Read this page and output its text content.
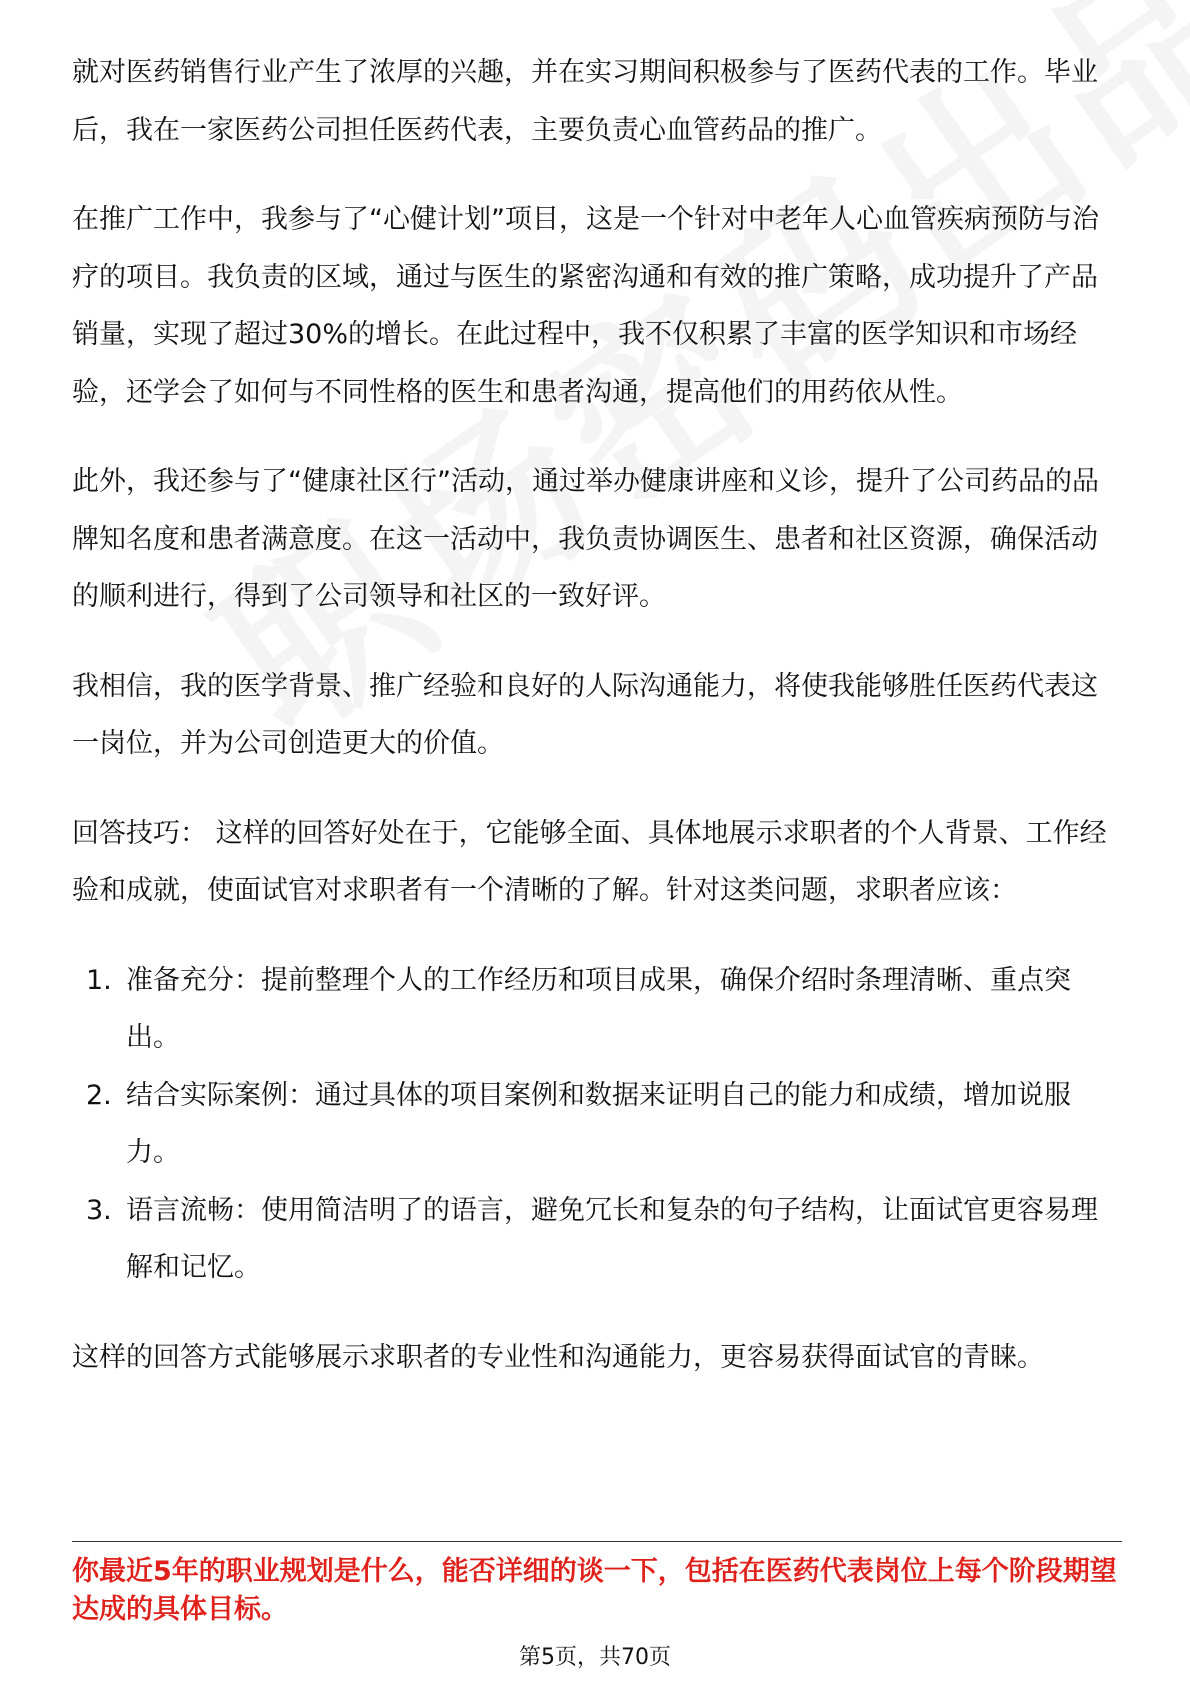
就对医药销售行业产生了浓厚的兴趣，并在实习期间积极参与了医药代表的工作。毕业后，我在一家医药公司担任医药代表，主要负责心血管药品的推广。

在推广工作中，我参与了“心健计划”项目，这是一个针对中老年人心血管疾病预防与治疗的项目。我负责的区域，通过与医生的紧密沟通和有效的推广策略，成功提升了产品销量，实现了超过30%的增长。在此过程中，我不仅积累了丰富的医学知识和市场经验，还学会了如何与不同性格的医生和患者沟通，提高他们的用药依从性。

此外，我还参与了“健康社区行”活动，通过举办健康讲座和义诊，提升了公司药品的品牌知名度和患者满意度。在这一活动中，我负责协调医生、患者和社区资源，确保活动的顺利进行，得到了公司领导和社区的一致好评。

我相信，我的医学背景、推广经验和良好的人际沟通能力，将使我能够胜任医药代表这一岗位，并为公司创造更大的价值。

回答技巧： 这样的回答好处在于，它能够全面、具体地展示求职者的个人背景、工作经验和成就，使面试官对求职者有一个清晰的了解。针对这类问题，求职者应该：

1. 准备充分：提前整理个人的工作经历和项目成果，确保介绍时条理清晰、重点突出。
2. 结合实际案例：通过具体的项目案例和数据来证明自己的能力和成绩，增加说服力。
3. 语言流畅：使用简洁明了的语言，避免冗长和复杂的句子结构，让面试官更容易理解和记忆。

这样的回答方式能够展示求职者的专业性和沟通能力，更容易获得面试官的青睐。

你最近5年的职业规划是什么，能否详细的谈一下，包括在医药代表岗位上每个阶段期望达成的具体目标。
第5页，共70页
